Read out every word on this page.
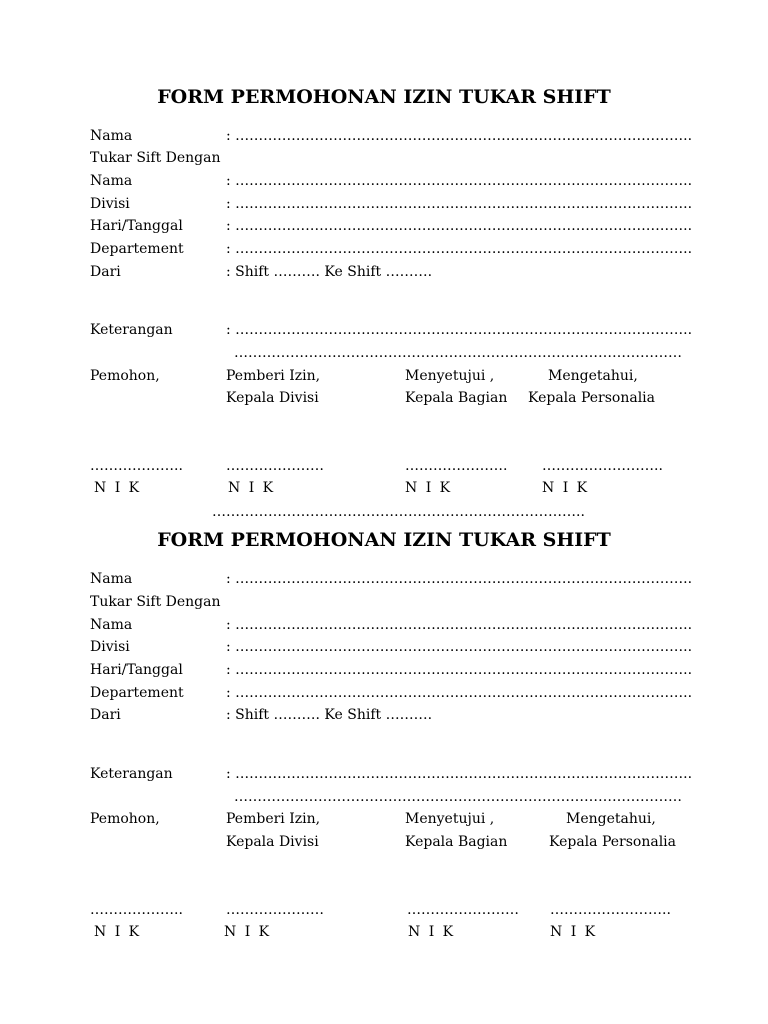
FORM PERMOHONAN IZIN TUKAR SHIFT
Nama	: ……………………………………………………………………………………..
Tukar Sift Dengan
Nama	: ……………………………………………………………………………………..
Divisi	: ……………………………………………………………………………………..
Hari/Tanggal	: ……………………………………………………………………………………..
Departement	: ……………………………………………………………………………………..
Dari	: Shift ………. Ke Shift ……….
Keterangan	: ……………………………………………………………………………………..
……………………………………………………………………………………
Pemohon,	Pemberi Izin,	Menyetujui ,	Mengetahui,
Kepala Divisi	Kepala Bagian Kepala Personalia
………………..	…………………	…………………. ……………………..
N I K	N I K	N I K	N I K
……………………………………………………………………..
FORM PERMOHONAN IZIN TUKAR SHIFT
Nama	: ……………………………………………………………………………………..
Tukar Sift Dengan
Nama	: ……………………………………………………………………………………..
Divisi	: ……………………………………………………………………………………..
Hari/Tanggal	: ……………………………………………………………………………………..
Departement	: ……………………………………………………………………………………..
Dari	: Shift ………. Ke Shift ……….
Keterangan	: ……………………………………………………………………………………..
……………………………………………………………………………………
Pemohon,	Pemberi Izin,	Menyetujui ,	Mengetahui,
Kepala Divisi	Kepala Bagian	Kepala Personalia
………………..	…………………	…………………… ……………………..
N I K	N I K	N I K	N I K
